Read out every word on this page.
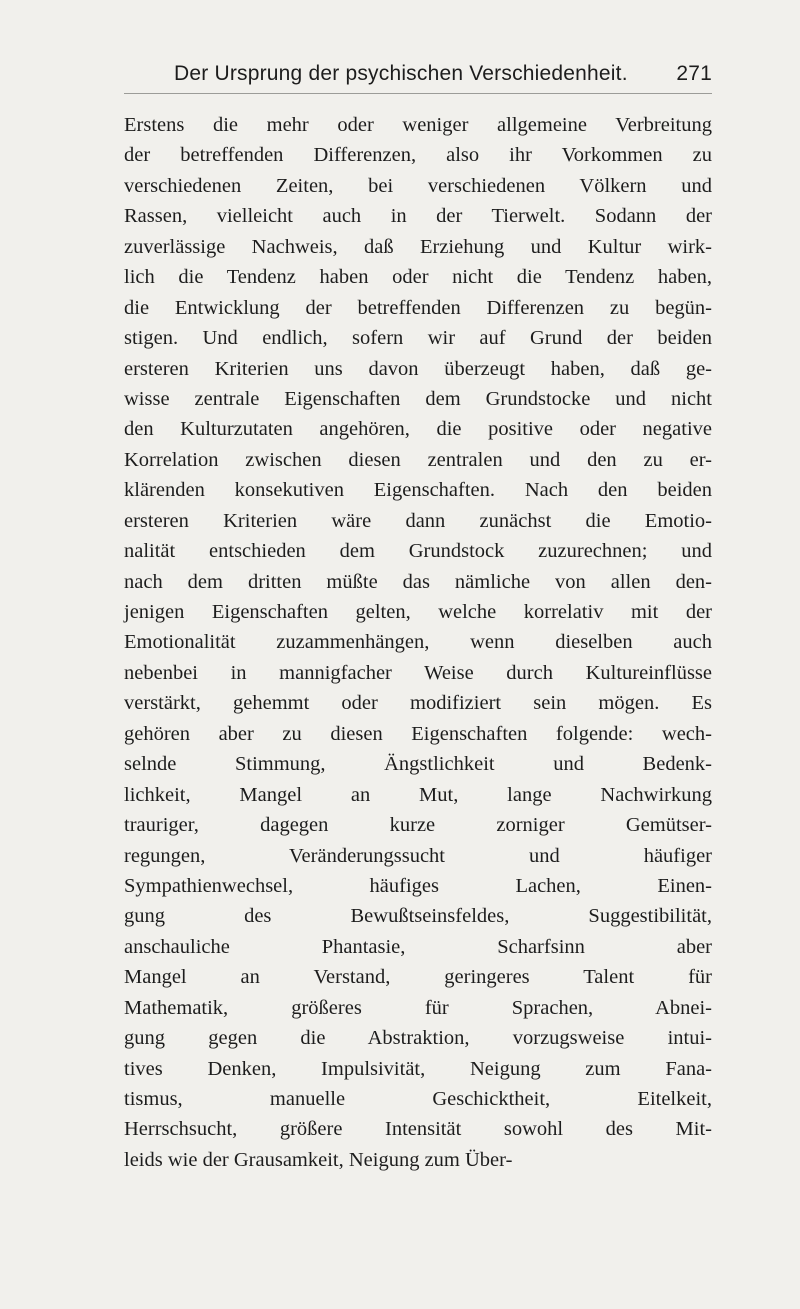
Der Ursprung der psychischen Verschiedenheit. 271
Erstens die mehr oder weniger allgemeine Verbreitung
der betreffenden Differenzen, also ihr Vorkommen zu
verschiedenen Zeiten, bei verschiedenen Völkern und
Rassen, vielleicht auch in der Tierwelt. Sodann der
zuverlässige Nachweis, daß Erziehung und Kultur wirk-
lich die Tendenz haben oder nicht die Tendenz haben,
die Entwicklung der betreffenden Differenzen zu begün-
stigen. Und endlich, sofern wir auf Grund der beiden
ersteren Kriterien uns davon überzeugt haben, daß ge-
wisse zentrale Eigenschaften dem Grundstocke und nicht
den Kulturzutaten angehören, die positive oder negative
Korrelation zwischen diesen zentralen und den zu er-
klärenden konsekutiven Eigenschaften. Nach den beiden
ersteren Kriterien wäre dann zunächst die Emotio-
nalität entschieden dem Grundstock zuzurechnen; und
nach dem dritten müßte das nämliche von allen den-
jenigen Eigenschaften gelten, welche korrelativ mit der
Emotionalität zuzammenhängen, wenn dieselben auch
nebenbei in mannigfacher Weise durch Kultureinflüsse
verstärkt, gehemmt oder modifiziert sein mögen. Es
gehören aber zu diesen Eigenschaften folgende: wech-
selnde Stimmung, Ängstlichkeit und Bedenk-
lichkeit, Mangel an Mut, lange Nachwirkung
trauriger, dagegen kurze zorniger Gemütser-
regungen, Veränderungssucht und häufiger
Sympathienwechsel, häufiges Lachen, Einen-
gung des Bewußtseinsfeldes, Suggestibilität,
anschauliche Phantasie, Scharfsinn aber
Mangel an Verstand, geringeres Talent für
Mathematik, größeres für Sprachen, Abnei-
gung gegen die Abstraktion, vorzugsweise intui-
tives Denken, Impulsivität, Neigung zum Fana-
tismus, manuelle Geschicktheit, Eitelkeit,
Herrschsucht, größere Intensität sowohl des Mit-
leids wie der Grausamkeit, Neigung zum Über-
